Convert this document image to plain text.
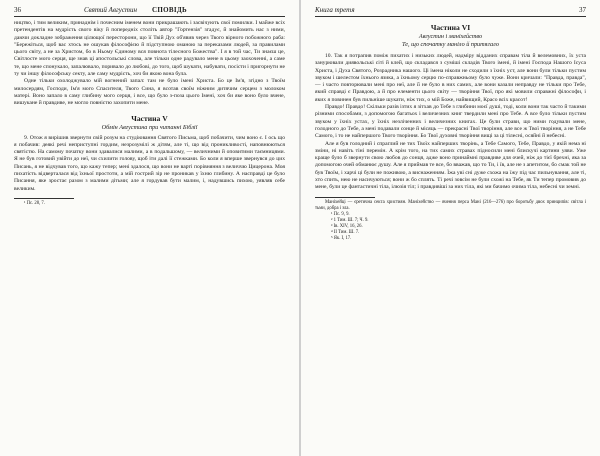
36	Святий Августин СПОВІДЬ

ництво, і тим великим, принаднім і почесним іменем вони прикрашають і засвічують свої помилки. І майже всіх претендентів на мудрість свого віку й попередніх століть автор "Гортензія" згадує, й знайомить нас з ними, даючи докладне зображення цілющої пересторони, що її Твій Дух об'явив через Твого вірного побожного раба: "Бережіться, щоб вас хтось не ошукав філософією й підступною оманою за переказами людей, за правилами цього світу, а не за Христом, бо в Ньому Єдиному вся повнота тілесного Божества". І я в той час, Ти знаєш це, Світлосте мого серця, ще знав ці апостольські слова, але тільки одне радувало мене в цьому заохоченні, а саме те, що мене спонукало, запалювало, поривало до любові, до того, щоб шукати, набувати, посісти і пригорнути не ту чи іншу філософську секту, але саму мудрість, хоч би якою вона була.

Одне тільки охолоджувало мій вогнений запал: там не було імені Христа. Бо це Ім'я, згідно з Твоїм милосердям, Господи, Ім'я мого Спасителя, Твого Сина, я всотав своїм ніжним дитячим серцем з молоком матері. Воно запало в саму глибину мого серця, і все, що було з-поза цього Імені, хоч би яке воно було вчене, вишукане й правдиве, не могло повністю захопити мене.

Частина V
Обмін Августина при читанні Біблії

9. Отож я вирішив звернути свій розум на студіювання Святого Письма, щоб побачити, чим воно є. І ось що я побачив: деякі речі неприступні гордим, незрозумілі ж дітям, але ті, що від проникливості, наповнюються святістю. На самому початку вони здавалися малими, а в подальшому, — величними й оповитими таємницями. Я не був готовий увійти до неї, чи схилити голову, щоб іти далі її стежками. Бо коли я вперше звернувся до цих Писань, я не відчував того, що кажу тепер; мені здалося, що вони не варті порівняння з величчю Цицерона. Моя пихатість відверталася від їхньої простоти, а мій гострий зір не проникав у їхню глибину. А насправді це було Писання, яке зростає разом з малими дітьми; але я гордував бути малим, і, надувшись пихою, уявляв себе великим.

¹ Пс. 28, 7.

Книга третя	37
Частина VI
Августин і маніхейство
Те, що спочатку маніло й притягало

10. Так я потрапив поміж пихатих і низьких людей, надміру відданих справам тіла й велемовних, їх уста занурювали диявольські сіті й клей, що складався з суміші складів Твого імені, й імені Господа Нашого Ісуса Христа, і Духа Святого, Розрадника нашого. Ці імена ніколи не сходили з їхніх уст, але вони були тільки пустим звуком і шелестом їхнього язика, а їхньому серцю по-справжньому було чуже. Вони кричали: "Правда, правда", — і часто повторювали мені про неї, але її не було в них самих, але вони казали неправду не тільки про Тебе, який справді є Правдою, а й про елементи цього світу — творіння Твої, про які мовили справжні філософи, і яких я повинен був пильніше шукати, ніж тих, о мій Боже, найвищий, Красо всіх красот!

Правдо! Правдо! Скільки разів ізтих я зітхав до Тебе з глибини моєї душі, тоді, коли вони так часто й такими різними способами, з допомогою багатьох і величезних книг твердили мені про Тебе. А все було тільки пустим звуком у їхніх устах, у їхніх незліченних і величезних книгах. Це були страви, що ними годували мене, голодного до Тебе, а мені подавали сонце й місяць — прекрасні Твої творіння, але все ж Твої творіння, а не Тебе Самого, і то не найпершого Твого творіння. Бо Твої духовні творіння вищі за ці тілесні, осяйні й небесні.

Але я був голодний і спраглий не тих Твоїх найперших творінь, а Тебе Самого, Тебе, Правдо, у якій нема ні зміни, ні навіть тіні перемін. А крім того, на тих самих стравах підносили мені блискучі картини уяви. Уже краще було б звернути свою любов до сонця, адже воно принаймні правдиве для очей, ніж до тієї брехні, яка за допомогою очей обманює душу. Але я приймав те все, бо вважав, що то Ти, і їв, але не з апетитом, бо смак той не був Твоїм, і харчі ці були не поживою, а виснаженням. Їжа уві сні дуже схожа на їжу під час пильнування, але ті, хто спить, нею не насичуються; вони ж бо сплять. Ті речі зовсім не були схожі на Тебе, як Ти тепер промовив до мене, були це фантастичні тіла, ілюзія тіл; і правдивіші за них тіла, які ми бачимо очима тіла, небесні чи земні.

Маніхейці — єретична секта християн. Маніхейство — вчення перса Мані (216—276) про боротьбу двох принципів: світла і тьми, добра і зла.

¹ Пс. 9, 9.

² 1 Тим. Ш. 7; Ч. 9.

³ Ів. XIV, 16, 26.

⁴ ІІ Тим. Ш. 7.

⁵ Як. І, 17.
